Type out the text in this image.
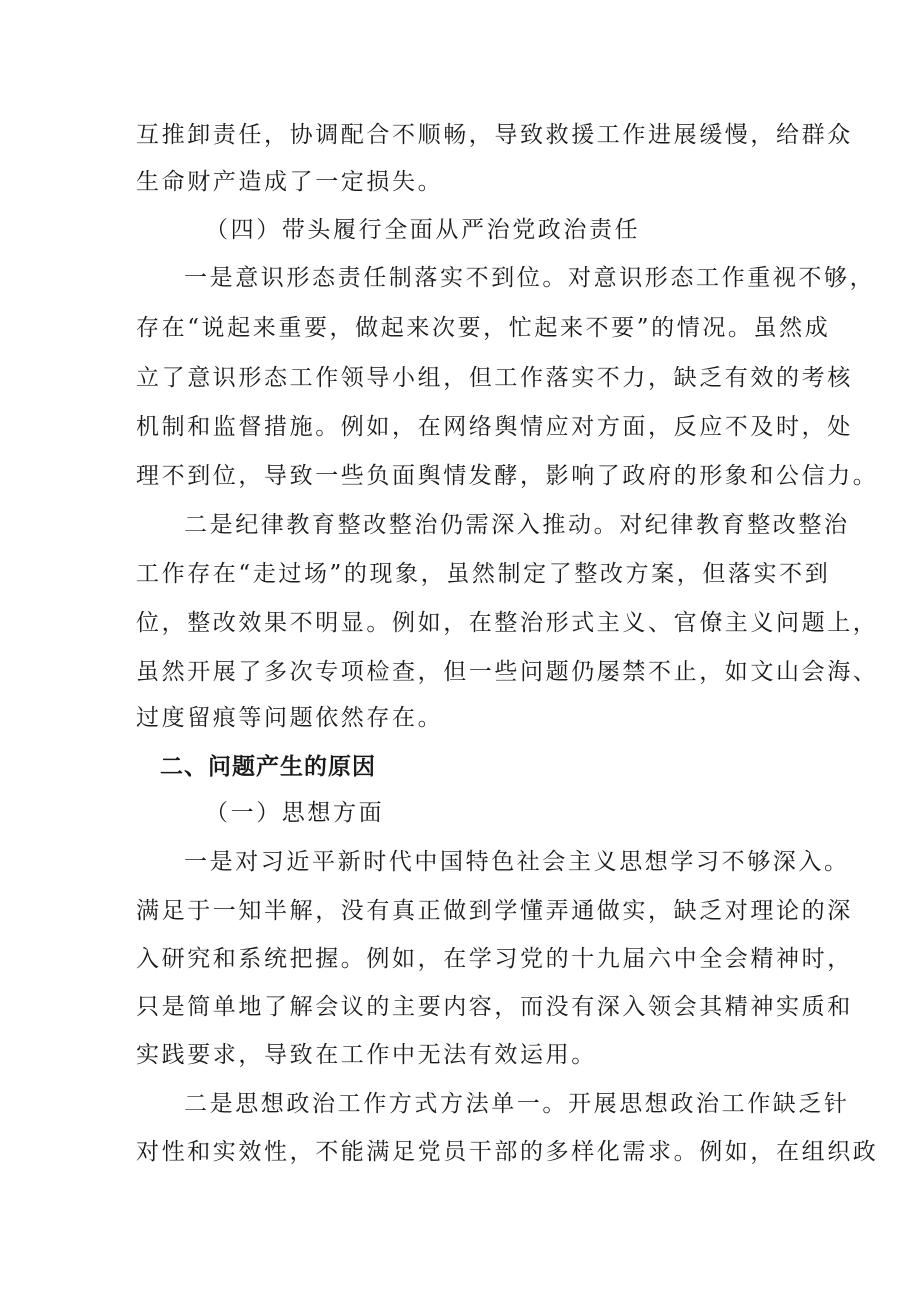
互推卸责任，协调配合不顺畅，导致救援工作进展缓慢，给群众
生命财产造成了一定损失。
（四）带头履行全面从严治党政治责任
一是意识形态责任制落实不到位。对意识形态工作重视不够，
存在“说起来重要，做起来次要，忙起来不要”的情况。虽然成
立了意识形态工作领导小组，但工作落实不力，缺乏有效的考核
机制和监督措施。例如，在网络舆情应对方面，反应不及时，处
理不到位，导致一些负面舆情发酵，影响了政府的形象和公信力。
二是纪律教育整改整治仍需深入推动。对纪律教育整改整治
工作存在“走过场”的现象，虽然制定了整改方案，但落实不到
位，整改效果不明显。例如，在整治形式主义、官僚主义问题上，
虽然开展了多次专项检查，但一些问题仍屡禁不止，如文山会海、
过度留痕等问题依然存在。
二、问题产生的原因
（一）思想方面
一是对习近平新时代中国特色社会主义思想学习不够深入。
满足于一知半解，没有真正做到学懂弄通做实，缺乏对理论的深
入研究和系统把握。例如，在学习党的十九届六中全会精神时，
只是简单地了解会议的主要内容，而没有深入领会其精神实质和
实践要求，导致在工作中无法有效运用。
二是思想政治工作方式方法单一。开展思想政治工作缺乏针
对性和实效性，不能满足党员干部的多样化需求。例如，在组织政
